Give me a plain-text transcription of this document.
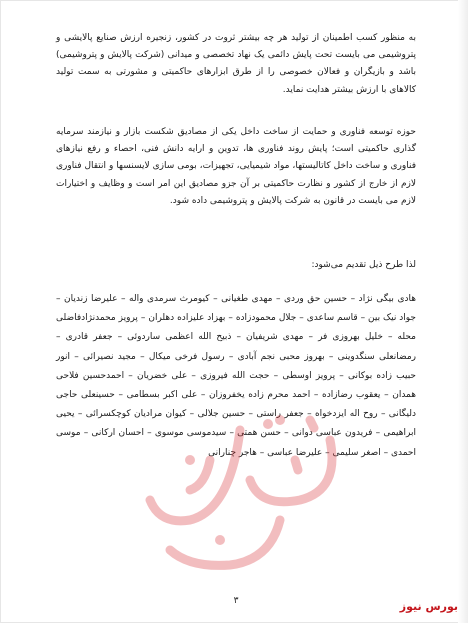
به منظور کسب اطمینان از تولید هر چه بیشتر ثروت در کشور، زنجیره ارزش صنایع پالایشی و پتروشیمی می بایست تحت پایش دائمی یک نهاد تخصصی و میدانی (شرکت پالایش و پتروشیمی) باشد و بازیگران و فعالان خصوصی را از طرق ابزارهای حاکمیتی و مشورتی به سمت تولید کالاهای با ارزش بیشتر هدایت نماید.

حوزه توسعه فناوری و حمایت از ساخت داخل یکی از مصادیق شکست بازار و نیازمند سرمایه گذاری حاکمیتی است؛ پایش روند فناوری ها، تدوین و ارایه دانش فنی، احصاء و رفع نیازهای فناوری و ساخت داخل کاتالیستها، مواد شیمیایی، تجهیزات، بومی سازی لایسنسها و انتقال فناوری لازم از خارج از کشور و نظارت حاکمیتی بر آن جزو مصادیق این امر است و وظایف و اختیارات لازم می بایست در قانون به شرکت پالایش و پتروشیمی داده شود.

لذا طرح ذیل تقدیم می‌شود:

هادی بیگی نژاد – حسین حق وردی – مهدی طغیانی – کیومرث سرمدی واله – علیرضا زندیان – جواد نیک بین – قاسم ساعدی – جلال محمودزاده – بهزاد علیزاده دهلران – پرویز محمدنژادفاضلی محله – خلیل بهروزی فر – مهدی شریفیان – ذبیح الله اعظمی ساردوئی – جعفر قادری – رمضانعلی سنگدوینی – بهروز محبی نجم آبادی – رسول فرخی میکال – مجید نصیرائی – انور حبیب زاده بوکانی – پرویز اوسطی – حجت الله فیروزی – علی خضریان – احمدحسین فلاحی همدان – یعقوب رضازاده – احمد محرم زاده یخفروزان – علی اکبر بسطامی – حسینعلی حاجی دلیگانی – روح اله ایزدخواه – جعفر راستی – حسین جلالی – کیوان مرادیان کوچکسرائی – یحیی ابراهیمی – فریدون عباسی دوانی – حسن همتی – سیدموسی موسوی – احسان ارکانی – موسی احمدی – اصغر سلیمی – علیرضا عباسی – هاجر چنارانی

۳	بورس نیوز
